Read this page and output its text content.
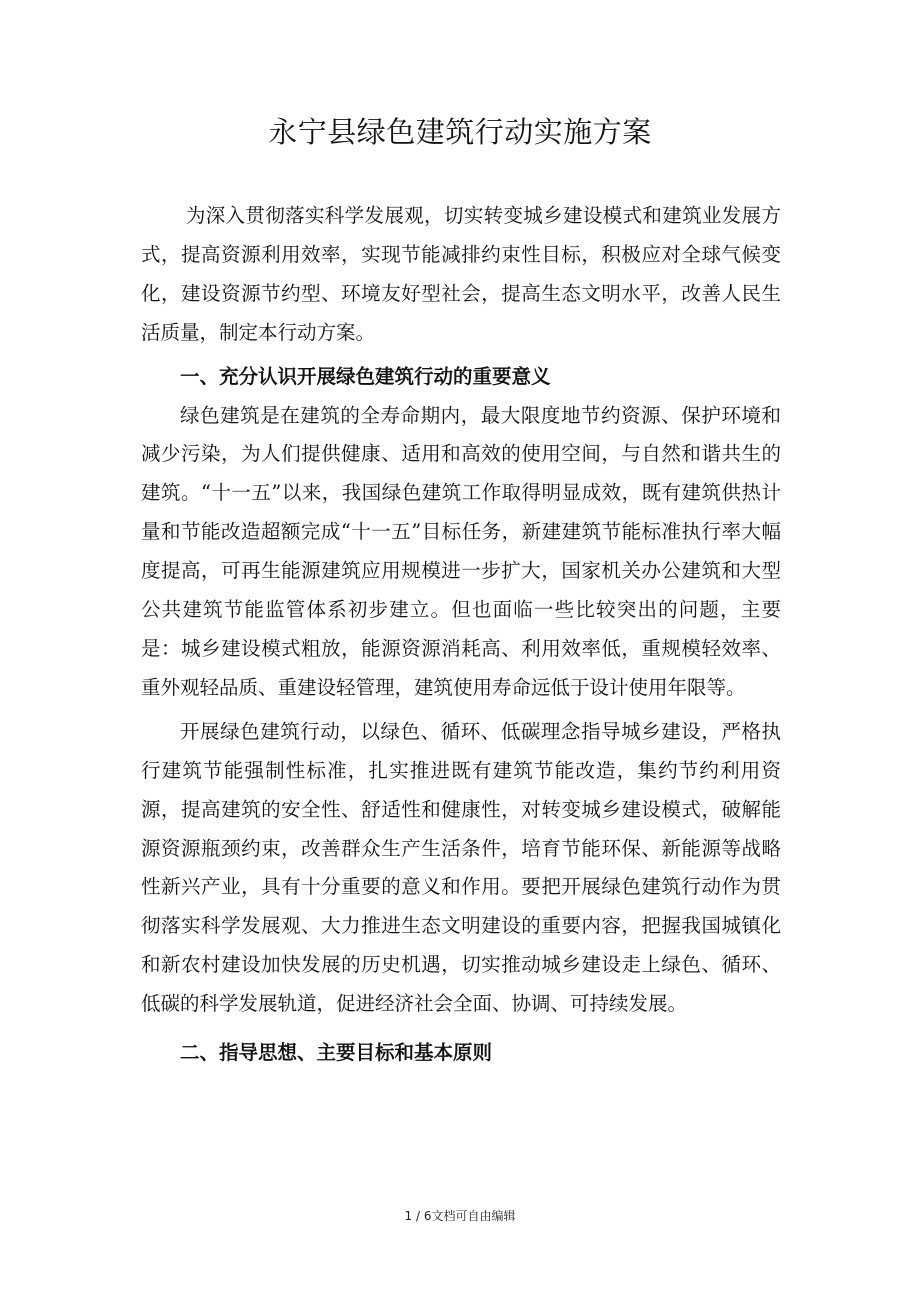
永宁县绿色建筑行动实施方案

为深入贯彻落实科学发展观，切实转变城乡建设模式和建筑业发展方式，提高资源利用效率，实现节能减排约束性目标，积极应对全球气候变化，建设资源节约型、环境友好型社会，提高生态文明水平，改善人民生活质量，制定本行动方案。

一、充分认识开展绿色建筑行动的重要意义

绿色建筑是在建筑的全寿命期内，最大限度地节约资源、保护环境和减少污染，为人们提供健康、适用和高效的使用空间，与自然和谐共生的建筑。“十一五”以来，我国绿色建筑工作取得明显成效，既有建筑供热计量和节能改造超额完成“十一五”目标任务，新建建筑节能标准执行率大幅度提高，可再生能源建筑应用规模进一步扩大，国家机关办公建筑和大型公共建筑节能监管体系初步建立。但也面临一些比较突出的问题，主要是：城乡建设模式粗放，能源资源消耗高、利用效率低，重规模轻效率、重外观轻品质、重建设轻管理，建筑使用寿命远低于设计使用年限等。

开展绿色建筑行动，以绿色、循环、低碳理念指导城乡建设，严格执行建筑节能强制性标准，扎实推进既有建筑节能改造，集约节约利用资源，提高建筑的安全性、舒适性和健康性，对转变城乡建设模式，破解能源资源瓶颈约束，改善群众生产生活条件，培育节能环保、新能源等战略性新兴产业，具有十分重要的意义和作用。要把开展绿色建筑行动作为贯彻落实科学发展观、大力推进生态文明建设的重要内容，把握我国城镇化和新农村建设加快发展的历史机遇，切实推动城乡建设走上绿色、循环、低碳的科学发展轨道，促进经济社会全面、协调、可持续发展。

二、指导思想、主要目标和基本原则

1 / 6文档可自由编辑
